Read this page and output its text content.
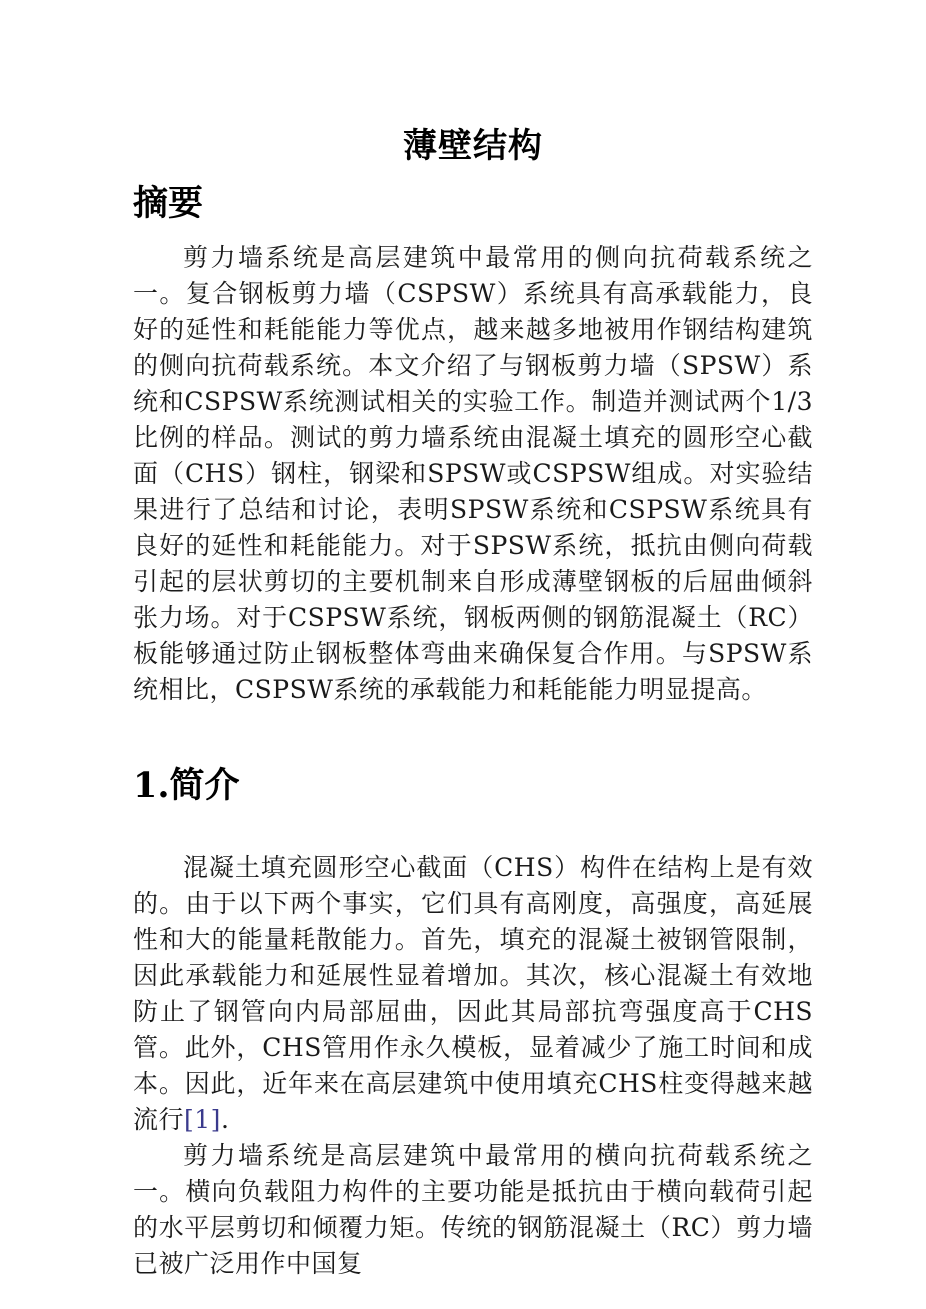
薄壁结构
摘要

剪力墙系统是高层建筑中最常用的侧向抗荷载系统之一。复合钢板剪力墙（CSPSW）系统具有高承载能力，良好的延性和耗能能力等优点，越来越多地被用作钢结构建筑的侧向抗荷载系统。本文介绍了与钢板剪力墙（SPSW）系统和CSPSW系统测试相关的实验工作。制造并测试两个1/3比例的样品。测试的剪力墙系统由混凝土填充的圆形空心截面（CHS）钢柱，钢梁和SPSW或CSPSW组成。对实验结果进行了总结和讨论，表明SPSW系统和CSPSW系统具有良好的延性和耗能能力。对于SPSW系统，抵抗由侧向荷载引起的层状剪切的主要机制来自形成薄壁钢板的后屈曲倾斜张力场。对于CSPSW系统，钢板两侧的钢筋混凝土（RC）板能够通过防止钢板整体弯曲来确保复合作用。与SPSW系统相比，CSPSW系统的承载能力和耗能能力明显提高。

1.简介

混凝土填充圆形空心截面（CHS）构件在结构上是有效的。由于以下两个事实，它们具有高刚度，高强度，高延展性和大的能量耗散能力。首先，填充的混凝土被钢管限制，因此承载能力和延展性显着增加。其次，核心混凝土有效地防止了钢管向内局部屈曲，因此其局部抗弯强度高于CHS管。此外，CHS管用作永久模板，显着减少了施工时间和成本。因此，近年来在高层建筑中使用填充CHS柱变得越来越流行[1].

剪力墙系统是高层建筑中最常用的横向抗荷载系统之一。横向负载阻力构件的主要功能是抵抗由于横向载荷引起的水平层剪切和倾覆力矩。传统的钢筋混凝土（RC）剪力墙已被广泛用作中国复
